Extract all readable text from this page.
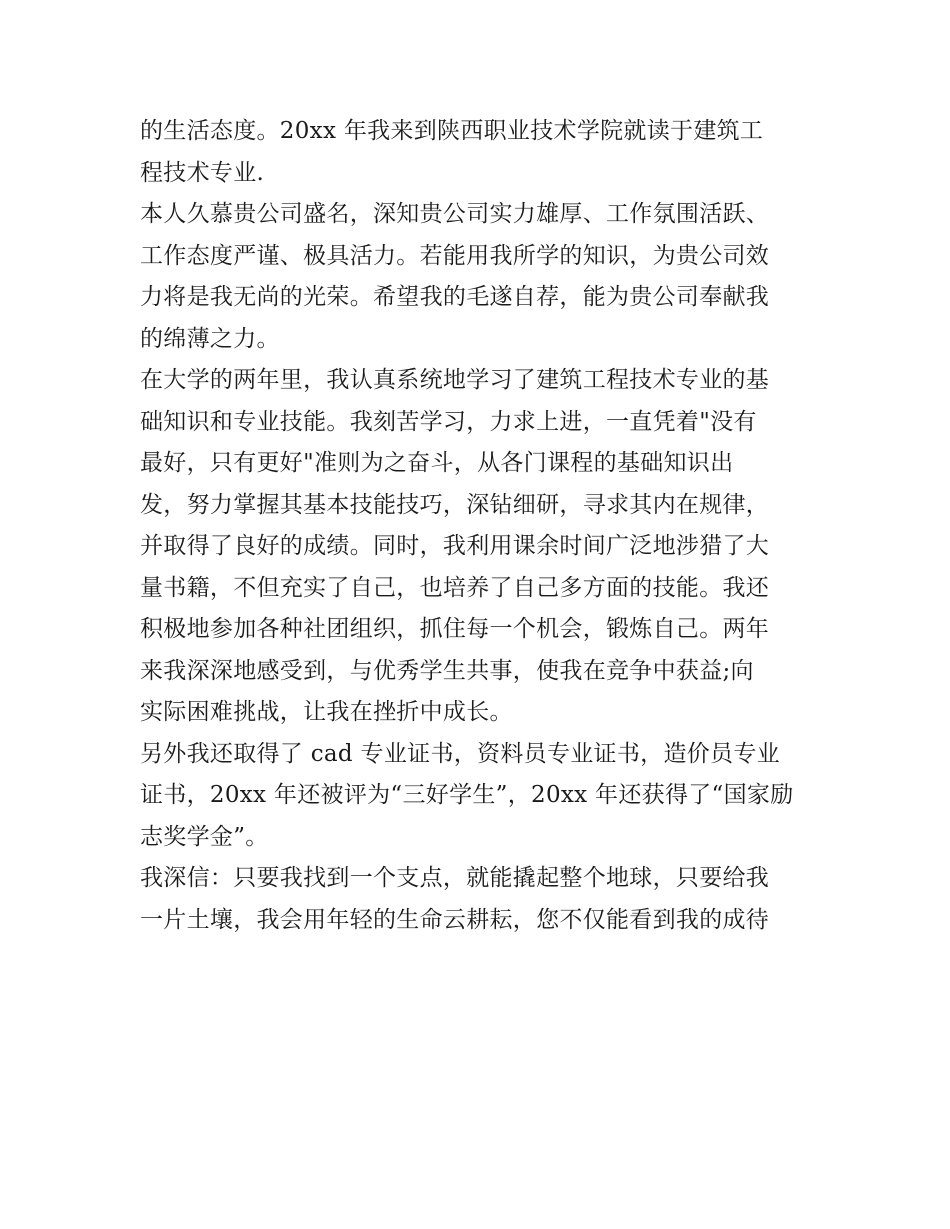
的生活态度。20xx 年我来到陕西职业技术学院就读于建筑工
程技术专业.
本人久慕贵公司盛名，深知贵公司实力雄厚、工作氛围活跃、
工作态度严谨、极具活力。若能用我所学的知识，为贵公司效
力将是我无尚的光荣。希望我的毛遂自荐，能为贵公司奉献我
的绵薄之力。
在大学的两年里，我认真系统地学习了建筑工程技术专业的基
础知识和专业技能。我刻苦学习，力求上进，一直凭着"没有
最好，只有更好"准则为之奋斗，从各门课程的基础知识出
发，努力掌握其基本技能技巧，深钻细研，寻求其内在规律，
并取得了良好的成绩。同时，我利用课余时间广泛地涉猎了大
量书籍，不但充实了自己，也培养了自己多方面的技能。我还
积极地参加各种社团组织，抓住每一个机会，锻炼自己。两年
来我深深地感受到，与优秀学生共事，使我在竞争中获益;向
实际困难挑战，让我在挫折中成长。
另外我还取得了 cad 专业证书，资料员专业证书，造价员专业
证书，20xx 年还被评为“三好学生”，20xx 年还获得了“国家励
志奖学金”。
我深信：只要我找到一个支点，就能撬起整个地球，只要给我
一片土壤，我会用年轻的生命云耕耘，您不仅能看到我的成待
